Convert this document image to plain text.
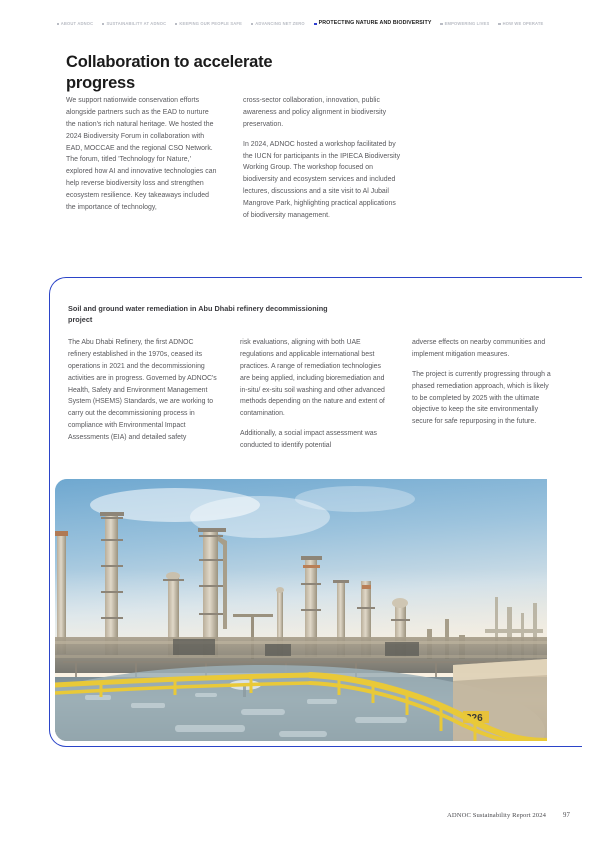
ABOUT ADNOC	SUSTAINABILITY AT ADNOC	KEEPING OUR PEOPLE SAFE	ADVANCING NET ZERO	PROTECTING NATURE AND BIODIVERSITY	EMPOWERING LIVES	HOW WE OPERATE
Collaboration to accelerate progress

We support nationwide conservation efforts alongside partners such as the EAD to nurture the nation's rich natural heritage. We hosted the 2024 Biodiversity Forum in collaboration with EAD, MOCCAE and the regional CSO Network. The forum, titled 'Technology for Nature,' explored how AI and innovative technologies can help reverse biodiversity loss and strengthen ecosystem resilience. Key takeaways included the importance of technology,

cross-sector collaboration, innovation, public awareness and policy alignment in biodiversity preservation.

In 2024, ADNOC hosted a workshop facilitated by the IUCN for participants in the IPIECA Biodiversity Working Group. The workshop focused on biodiversity and ecosystem services and included lectures, discussions and a site visit to Al Jubail Mangrove Park, highlighting practical applications of biodiversity management.

Soil and ground water remediation in Abu Dhabi refinery decommissioning project

The Abu Dhabi Refinery, the first ADNOC refinery established in the 1970s, ceased its operations in 2021 and the decommissioning activities are in progress. Governed by ADNOC's Health, Safety and Environment Management System (HSEMS) Standards, we are working to carry out the decommissioning process in compliance with Environmental Impact Assessments (EIA) and detailed safety

risk evaluations, aligning with both UAE regulations and applicable international best practices. A range of remediation technologies are being applied, including bioremediation and in-situ/ ex-situ soil washing and other advanced methods depending on the nature and extent of contamination.

Additionally, a social impact assessment was conducted to identify potential

adverse effects on nearby communities and implement mitigation measures.

The project is currently progressing through a phased remediation approach, which is likely to be completed by 2025 with the ultimate objective to keep the site environmentally secure for safe repurposing in the future.

226
ADNOC Sustainability Report 2024	97
